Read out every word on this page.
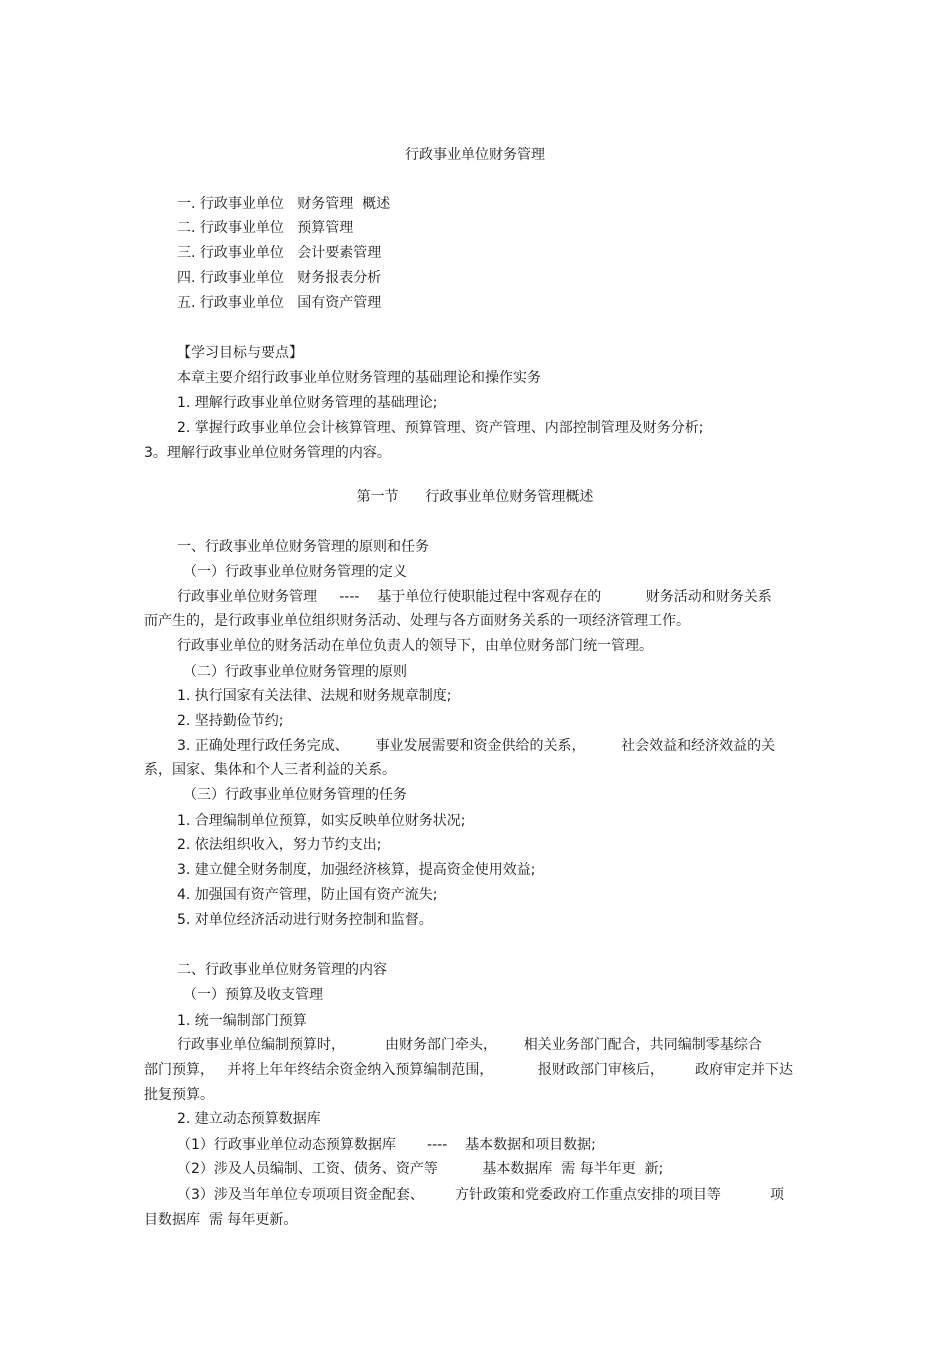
行政事业单位财务管理
一. 行政事业单位   财务管理  概述
二. 行政事业单位   预算管理
三. 行政事业单位   会计要素管理
四. 行政事业单位   财务报表分析
五. 行政事业单位   国有资产管理
【学习目标与要点】
本章主要介绍行政事业单位财务管理的基础理论和操作实务
1. 理解行政事业单位财务管理的基础理论;
2. 掌握行政事业单位会计核算管理、预算管理、资产管理、内部控制管理及财务分析;
3。理解行政事业单位财务管理的内容。
第一节      行政事业单位财务管理概述
一、行政事业单位财务管理的原则和任务
（一）行政事业单位财务管理的定义
行政事业单位财务管理     ----    基于单位行使职能过程中客观存在的          财务活动和财务关系
而产生的，是行政事业单位组织财务活动、处理与各方面财务关系的一项经济管理工作。
行政事业单位的财务活动在单位负责人的领导下，由单位财务部门统一管理。
（二）行政事业单位财务管理的原则
1. 执行国家有关法律、法规和财务规章制度;
2. 坚持勤俭节约;
3. 正确处理行政任务完成、      事业发展需要和资金供给的关系，        社会效益和经济效益的关
系，国家、集体和个人三者利益的关系。
（三）行政事业单位财务管理的任务
1. 合理编制单位预算，如实反映单位财务状况;
2. 依法组织收入，努力节约支出;
3. 建立健全财务制度，加强经济核算，提高资金使用效益;
4. 加强国有资产管理，防止国有资产流失;
5. 对单位经济活动进行财务控制和监督。
二、行政事业单位财务管理的内容
（一）预算及收支管理
1. 统一编制部门预算
行政事业单位编制预算时，         由财务部门牵头，      相关业务部门配合，共同编制零基综合
部门预算，   并将上年年终结余资金纳入预算编制范围，          报财政部门审核后，       政府审定并下达
批复预算。
2. 建立动态预算数据库
（1）行政事业单位动态预算数据库       ----    基本数据和项目数据;
（2）涉及人员编制、工资、债务、资产等          基本数据库  需 每半年更  新;
（3）涉及当年单位专项项目资金配套、       方针政策和党委政府工作重点安排的项目等           项
目数据库  需 每年更新。
